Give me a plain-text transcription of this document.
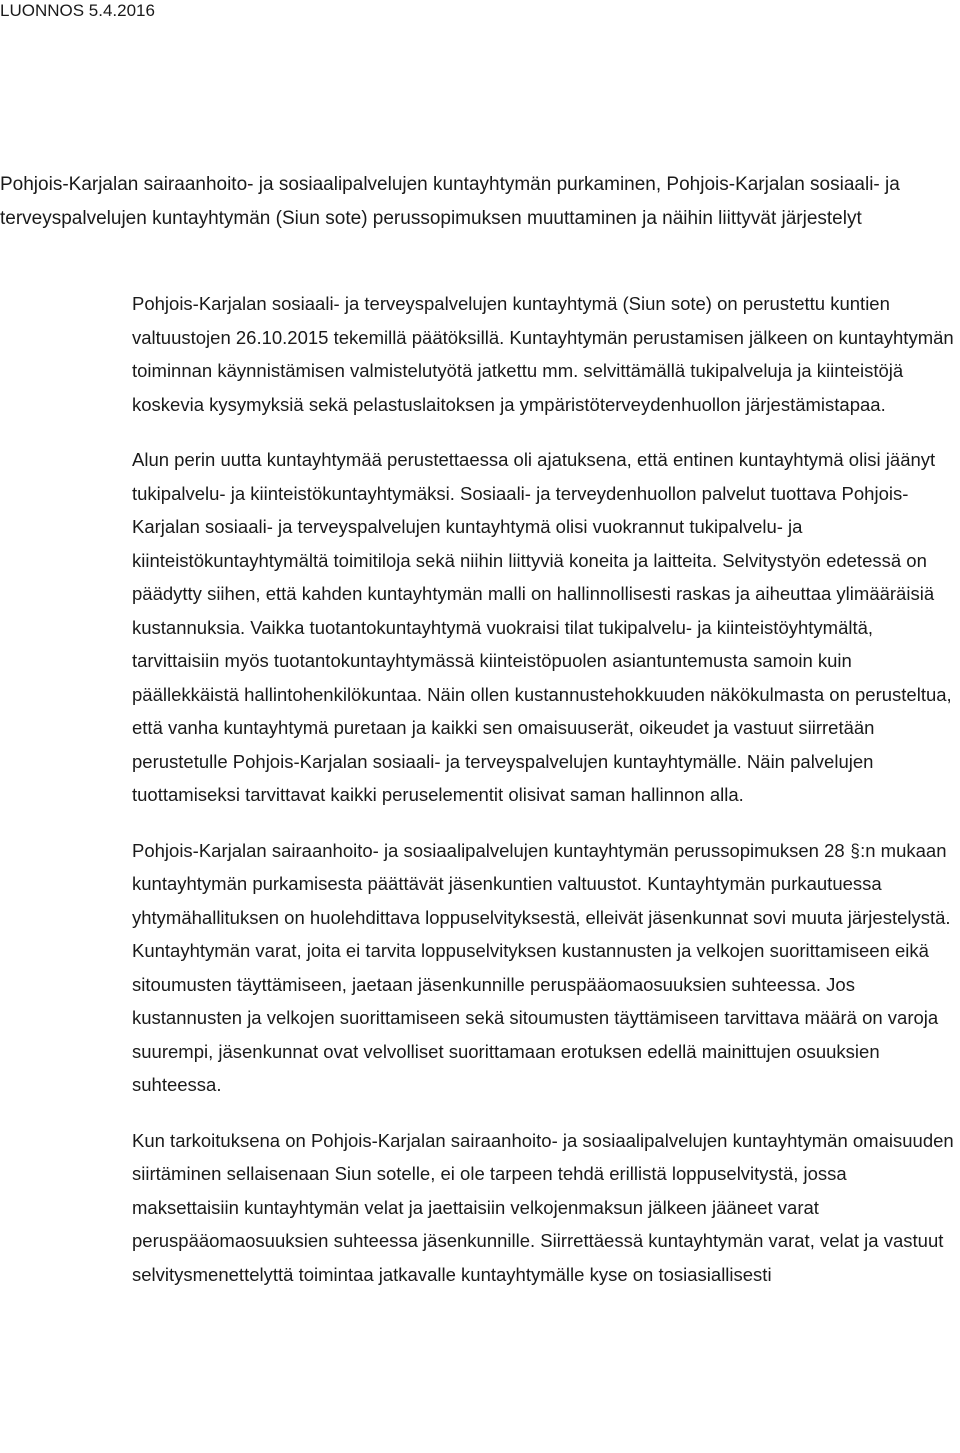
LUONNOS 5.4.2016

Pohjois-Karjalan sairaanhoito- ja sosiaalipalvelujen kuntayhtymän purkaminen, Pohjois-Karjalan sosiaali- ja terveyspalvelujen kuntayhtymän (Siun sote) perussopimuksen muuttaminen ja näihin liittyvät järjestelyt

Pohjois-Karjalan sosiaali- ja terveyspalvelujen kuntayhtymä (Siun sote) on perustettu kuntien valtuustojen 26.10.2015 tekemillä päätöksillä. Kuntayhtymän perustamisen jälkeen on kuntayhtymän toiminnan käynnistämisen valmistelutyötä jatkettu mm. selvittämällä tukipalveluja ja kiinteistöjä koskevia kysymyksiä sekä pelastuslaitoksen ja ympäristöterveydenhuollon järjestämistapaa.

Alun perin uutta kuntayhtymää perustettaessa oli ajatuksena, että entinen kuntayhtymä olisi jäänyt tukipalvelu- ja kiinteistökuntayhtymäksi. Sosiaali- ja terveydenhuollon palvelut tuottava Pohjois-Karjalan sosiaali- ja terveyspalvelujen kuntayhtymä olisi vuokrannut tukipalvelu- ja kiinteistökuntayhtymältä toimitiloja sekä niihin liittyviä koneita ja laitteita. Selvitystyön edetessä on päädytty siihen, että kahden kuntayhtymän malli on hallinnollisesti raskas ja aiheuttaa ylimääräisiä kustannuksia. Vaikka tuotantokuntayhtymä vuokraisi tilat tukipalvelu- ja kiinteistöyhtymältä, tarvittaisiin myös tuotantokuntayhtymässä kiinteistöpuolen asiantuntemusta samoin kuin päällekkäistä hallintohenkilökuntaa. Näin ollen kustannustehokkuuden näkökulmasta on perusteltua, että vanha kuntayhtymä puretaan ja kaikki sen omaisuuserät, oikeudet ja vastuut siirretään perustetulle Pohjois-Karjalan sosiaali- ja terveyspalvelujen kuntayhtymälle. Näin palvelujen tuottamiseksi tarvittavat kaikki peruselementit olisivat saman hallinnon alla.

Pohjois-Karjalan sairaanhoito- ja sosiaalipalvelujen kuntayhtymän perussopimuksen 28 §:n mukaan kuntayhtymän purkamisesta päättävät jäsenkuntien valtuustot. Kuntayhtymän purkautuessa yhtymähallituksen on huolehdittava loppuselvityksestä, elleivät jäsenkunnat sovi muuta järjestelystä. Kuntayhtymän varat, joita ei tarvita loppuselvityksen kustannusten ja velkojen suorittamiseen eikä sitoumusten täyttämiseen, jaetaan jäsenkunnille peruspääomaosuuksien suhteessa. Jos kustannusten ja velkojen suorittamiseen sekä sitoumusten täyttämiseen tarvittava määrä on varoja suurempi, jäsenkunnat ovat velvolliset suorittamaan erotuksen edellä mainittujen osuuksien suhteessa.

Kun tarkoituksena on Pohjois-Karjalan sairaanhoito- ja sosiaalipalvelujen kuntayhtymän omaisuuden siirtäminen sellaisenaan Siun sotelle, ei ole tarpeen tehdä erillistä loppuselvitystä, jossa maksettaisiin kuntayhtymän velat ja jaettaisiin velkojenmaksun jälkeen jääneet varat peruspääomaosuuksien suhteessa jäsenkunnille. Siirrettäessä kuntayhtymän varat, velat ja vastuut selvitysmenettelyttä toimintaa jatkavalle kuntayhtymälle kyse on tosiasiallisesti
